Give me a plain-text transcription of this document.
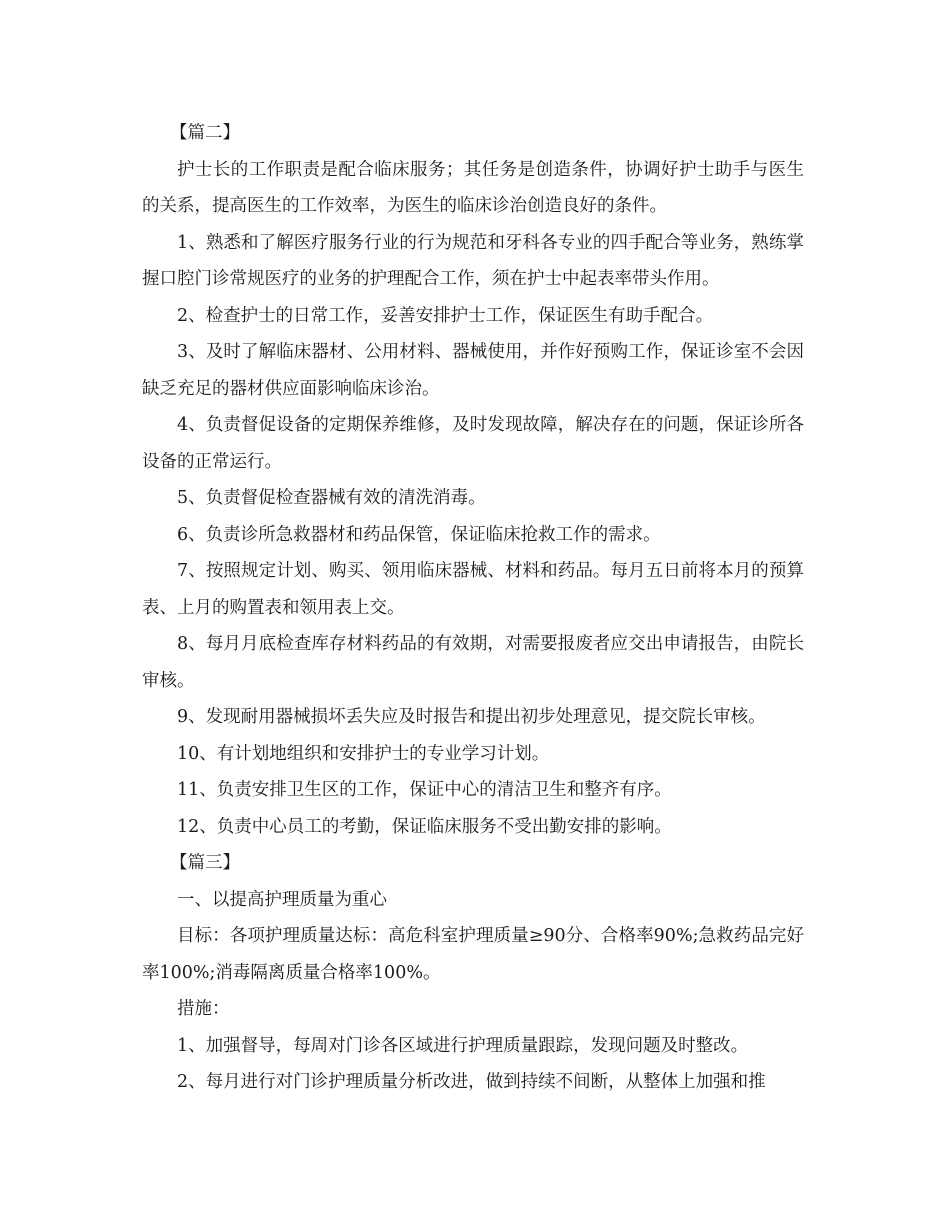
【篇二】

护士长的工作职责是配合临床服务；其任务是创造条件，协调好护士助手与医生的关系，提高医生的工作效率，为医生的临床诊治创造良好的条件。

1、熟悉和了解医疗服务行业的行为规范和牙科各专业的四手配合等业务，熟练掌握口腔门诊常规医疗的业务的护理配合工作，须在护士中起表率带头作用。

2、检查护士的日常工作，妥善安排护士工作，保证医生有助手配合。

3、及时了解临床器材、公用材料、器械使用，并作好预购工作，保证诊室不会因缺乏充足的器材供应面影响临床诊治。

4、负责督促设备的定期保养维修，及时发现故障，解决存在的问题，保证诊所各设备的正常运行。

5、负责督促检查器械有效的清洗消毒。

6、负责诊所急救器材和药品保管，保证临床抢救工作的需求。

7、按照规定计划、购买、领用临床器械、材料和药品。每月五日前将本月的预算表、上月的购置表和领用表上交。

8、每月月底检查库存材料药品的有效期，对需要报废者应交出申请报告，由院长审核。

9、发现耐用器械损坏丢失应及时报告和提出初步处理意见，提交院长审核。

10、有计划地组织和安排护士的专业学习计划。

11、负责安排卫生区的工作，保证中心的清洁卫生和整齐有序。

12、负责中心员工的考勤，保证临床服务不受出勤安排的影响。

【篇三】

一、以提高护理质量为重心

目标：各项护理质量达标：高危科室护理质量≥90分、合格率90%;急救药品完好率100%;消毒隔离质量合格率100%。

措施：

1、加强督导，每周对门诊各区域进行护理质量跟踪，发现问题及时整改。

2、每月进行对门诊护理质量分析改进，做到持续不间断，从整体上加强和推
